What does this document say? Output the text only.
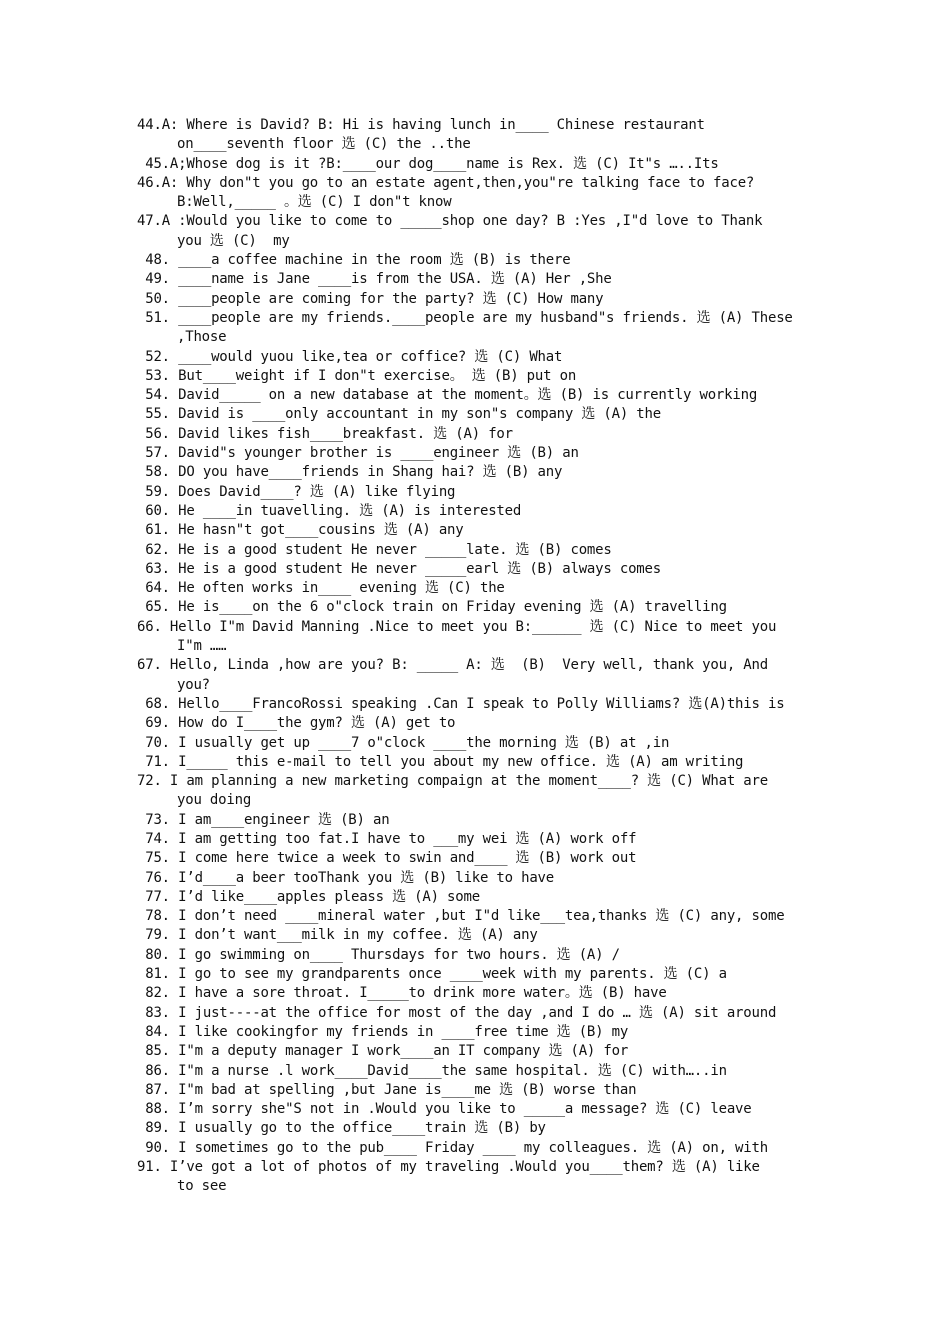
44. A: Where is David? B: Hi is having lunch in____ Chinese restaurant
on____seventh floor 选 (C) the ..the
45. A;Whose dog is it ?B:____our dog____name is Rex. 选 (C) It"s …..Its
46. A: Why don"t you go to an estate agent,then,you"re talking face to face?
B:Well,_____ 。选 (C) I don"t know
47. A :Would you like to come to _____shop one day? B :Yes ,I"d love to Thank
you 选 (C)  my
48. ____a coffee machine in the room 选 (B) is there
49. ____name is Jane ____is from the USA. 选 (A) Her ,She
50. ____people are coming for the party? 选 (C) How many
51. ____people are my friends.____people are my husband"s friends. 选 (A) These
,Those
52. ____would yuou like,tea or coffice? 选 (C) What
53. But____weight if I don"t exercise。 选 (B) put on
54. David_____ on a new database at the moment。选 (B) is currently working
55. David is ____only accountant in my son"s company 选 (A) the
56. David likes fish____breakfast. 选 (A) for
57. David"s younger brother is ____engineer 选 (B) an
58. DO you have____friends in Shang hai? 选 (B) any
59. Does David____? 选 (A) like flying
60. He ____in tuavelling. 选 (A) is interested
61. He hasn"t got____cousins 选 (A) any
62. He is a good student He never _____late. 选 (B) comes
63. He is a good student He never _____earl 选 (B) always comes
64. He often works in____ evening 选 (C) the
65. He is____on the 6 o"clock train on Friday evening 选 (A) travelling
66. Hello I"m David Manning .Nice to meet you B:______ 选 (C) Nice to meet you
I"m ……
67. Hello, Linda ,how are you? B: _____ A: 选  (B)  Very well, thank you, And
you?
68. Hello____FrancoRossi speaking .Can I speak to Polly Williams? 选(A)this is
69. How do I____the gym? 选 (A) get to
70. I usually get up ____7 o"clock ____the morning 选 (B) at ,in
71. I_____ this e-mail to tell you about my new office. 选 (A) am writing
72. I am planning a new marketing compaign at the moment____? 选 (C) What are
you doing
73. I am____engineer 选 (B) an
74. I am getting too fat.I have to ___my wei 选 (A) work off
75. I come here twice a week to swin and____ 选 (B) work out
76. I’d____a beer tooThank you 选 (B) like to have
77. I’d like____apples pleass 选 (A) some
78. I don’t need ____mineral water ,but I"d like___tea,thanks 选 (C) any, some
79. I don’t want___milk in my coffee. 选 (A) any
80. I go swimming on____ Thursdays for two hours. 选 (A) /
81. I go to see my grandparents once ____week with my parents. 选 (C) a
82. I have a sore throat. I_____to drink more water。选 (B) have
83. I just----at the office for most of the day ,and I do … 选 (A) sit around
84. I like cookingfor my friends in ____free time 选 (B) my
85. I"m a deputy manager I work____an IT company 选 (A) for
86. I"m a nurse .l work____David____the same hospital. 选 (C) with…..in
87. I"m bad at spelling ,but Jane is____me 选 (B) worse than
88. I’m sorry she"S not in .Would you like to _____a message? 选 (C) leave
89. I usually go to the office____train 选 (B) by
90. I sometimes go to the pub____ Friday ____ my colleagues. 选 (A) on, with
91. I’ve got a lot of photos of my traveling .Would you____them? 选 (A) like
to see
